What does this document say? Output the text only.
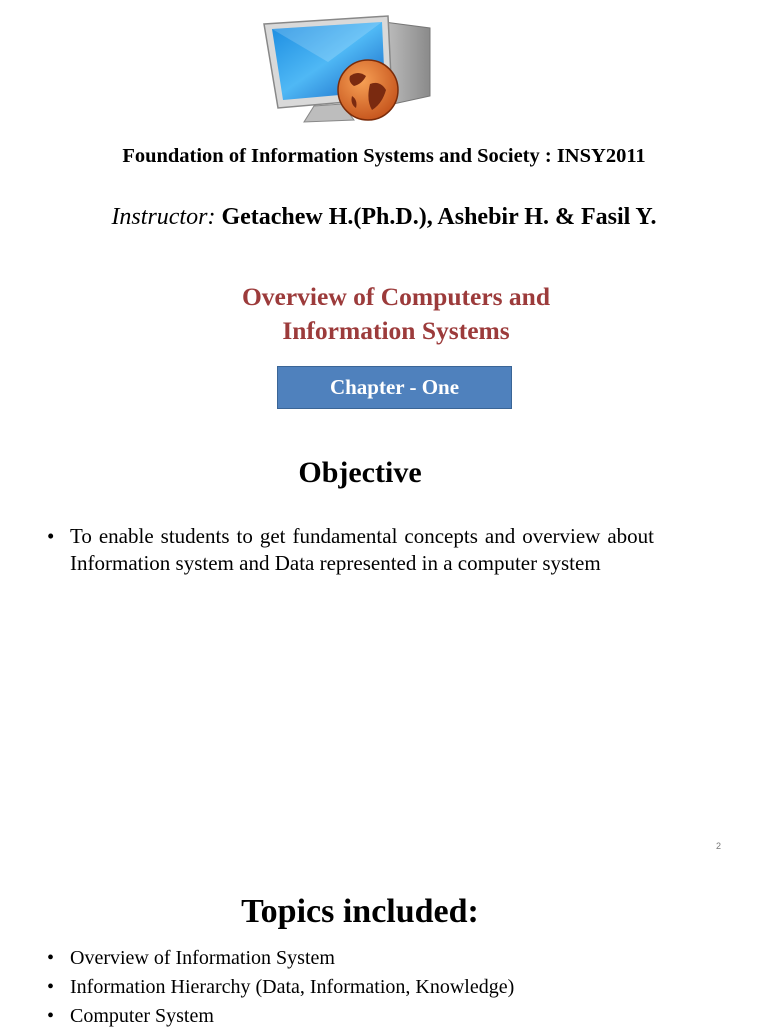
Foundation of Information Systems and Society : INSY2011
Instructor: Getachew H.(Ph.D.), Ashebir H. & Fasil Y.
Overview of Computers and
Information Systems
Chapter - One
Objective
• To enable students to get fundamental concepts and overview about Information system and Data represented in a computer system
2
Topics included:
• Overview of Information System
• Information Hierarchy (Data, Information, Knowledge)
• Computer System
